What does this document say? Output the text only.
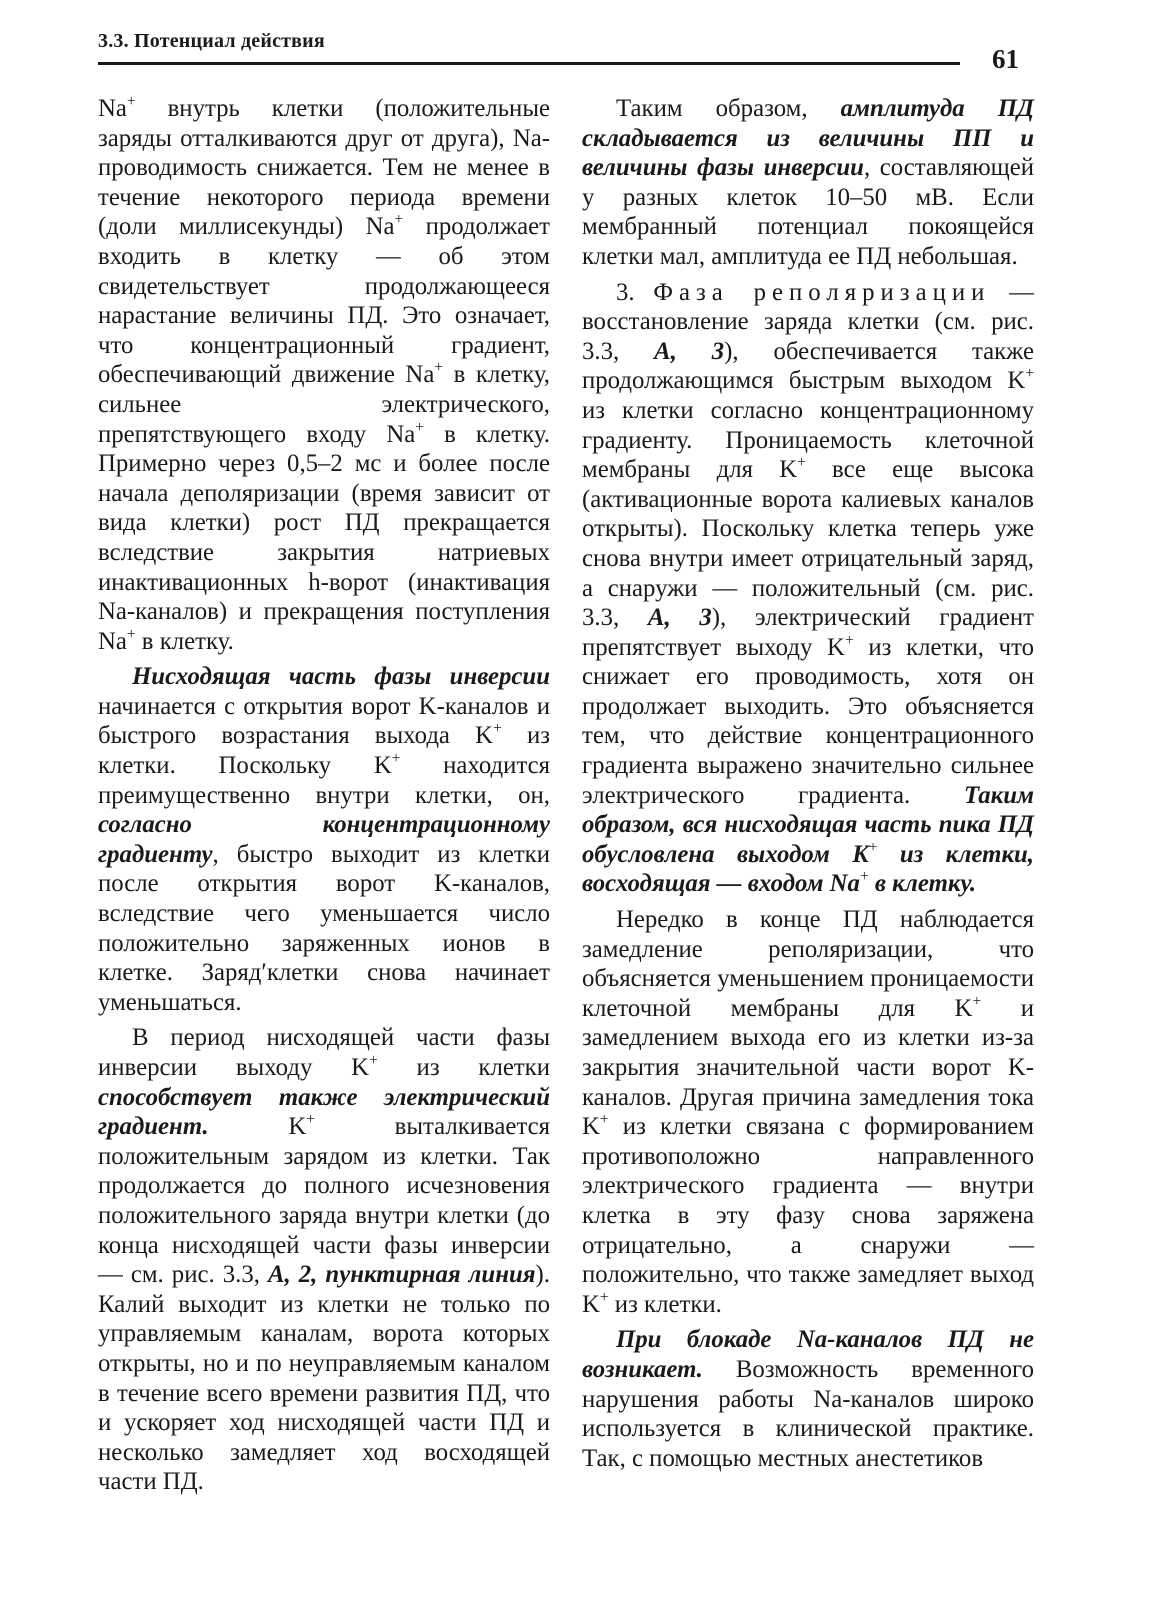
3.3. Потенциал действия
61

Na+ внутрь клетки (положительные заряды отталкиваются друг от друга), Na-проводимость снижается. Тем не менее в течение некоторого периода времени (доли миллисекунды) Na+ продолжает входить в клетку — об этом свидетельствует продолжающееся нарастание величины ПД. Это означает, что концентрационный градиент, обеспечивающий движение Na+ в клетку, сильнее электрического, препятствующего входу Na+ в клетку. Примерно через 0,5–2 мс и более после начала деполяризации (время зависит от вида клетки) рост ПД прекращается вследствие закрытия натриевых инактивационных h-ворот (инактивация Na-каналов) и прекращения поступления Na+ в клетку.

Нисходящая часть фазы инверсии начинается с открытия ворот K-каналов и быстрого возрастания выхода K+ из клетки. Поскольку K+ находится преимущественно внутри клетки, он, согласно концентрационному градиенту, быстро выходит из клетки после открытия ворот K-каналов, вследствие чего уменьшается число положительно заряженных ионов в клетке. Заряд′клетки снова начинает уменьшаться.

В период нисходящей части фазы инверсии выходу K+ из клетки способствует также электрический градиент. K+ выталкивается положительным зарядом из клетки. Так продолжается до полного исчезновения положительного заряда внутри клетки (до конца нисходящей части фазы инверсии — см. рис. 3.3, А, 2, пунктирная линия). Калий выходит из клетки не только по управляемым каналам, ворота которых открыты, но и по неуправляемым каналом в течение всего времени развития ПД, что и ускоряет ход нисходящей части ПД и несколько замедляет ход восходящей части ПД.

Таким образом, амплитуда ПД складывается из величины ПП и величины фазы инверсии, составляющей у разных клеток 10–50 мВ. Если мембранный потенциал покоящейся клетки мал, амплитуда ее ПД небольшая.

3. Фаза реполяризации — восстановление заряда клетки (см. рис. 3.3, А, 3), обеспечивается также продолжающимся быстрым выходом K+ из клетки согласно концентрационному градиенту. Проницаемость клеточной мембраны для K+ все еще высока (активационные ворота калиевых каналов открыты). Поскольку клетка теперь уже снова внутри имеет отрицательный заряд, а снаружи — положительный (см. рис. 3.3, А, 3), электрический градиент препятствует выходу K+ из клетки, что снижает его проводимость, хотя он продолжает выходить. Это объясняется тем, что действие концентрационного градиента выражено значительно сильнее электрического градиента. Таким образом, вся нисходящая часть пика ПД обусловлена выходом K+ из клетки, восходящая — входом Na+ в клетку.

Нередко в конце ПД наблюдается замедление реполяризации, что объясняется уменьшением проницаемости клеточной мембраны для K+ и замедлением выхода его из клетки из-за закрытия значительной части ворот K-каналов. Другая причина замедления тока K+ из клетки связана с формированием противоположно направленного электрического градиента — внутри клетка в эту фазу снова заряжена отрицательно, а снаружи — положительно, что также замедляет выход K+ из клетки.

При блокаде Na-каналов ПД не возникает. Возможность временного нарушения работы Na-каналов широко используется в клинической практике. Так, с помощью местных анестетиков
